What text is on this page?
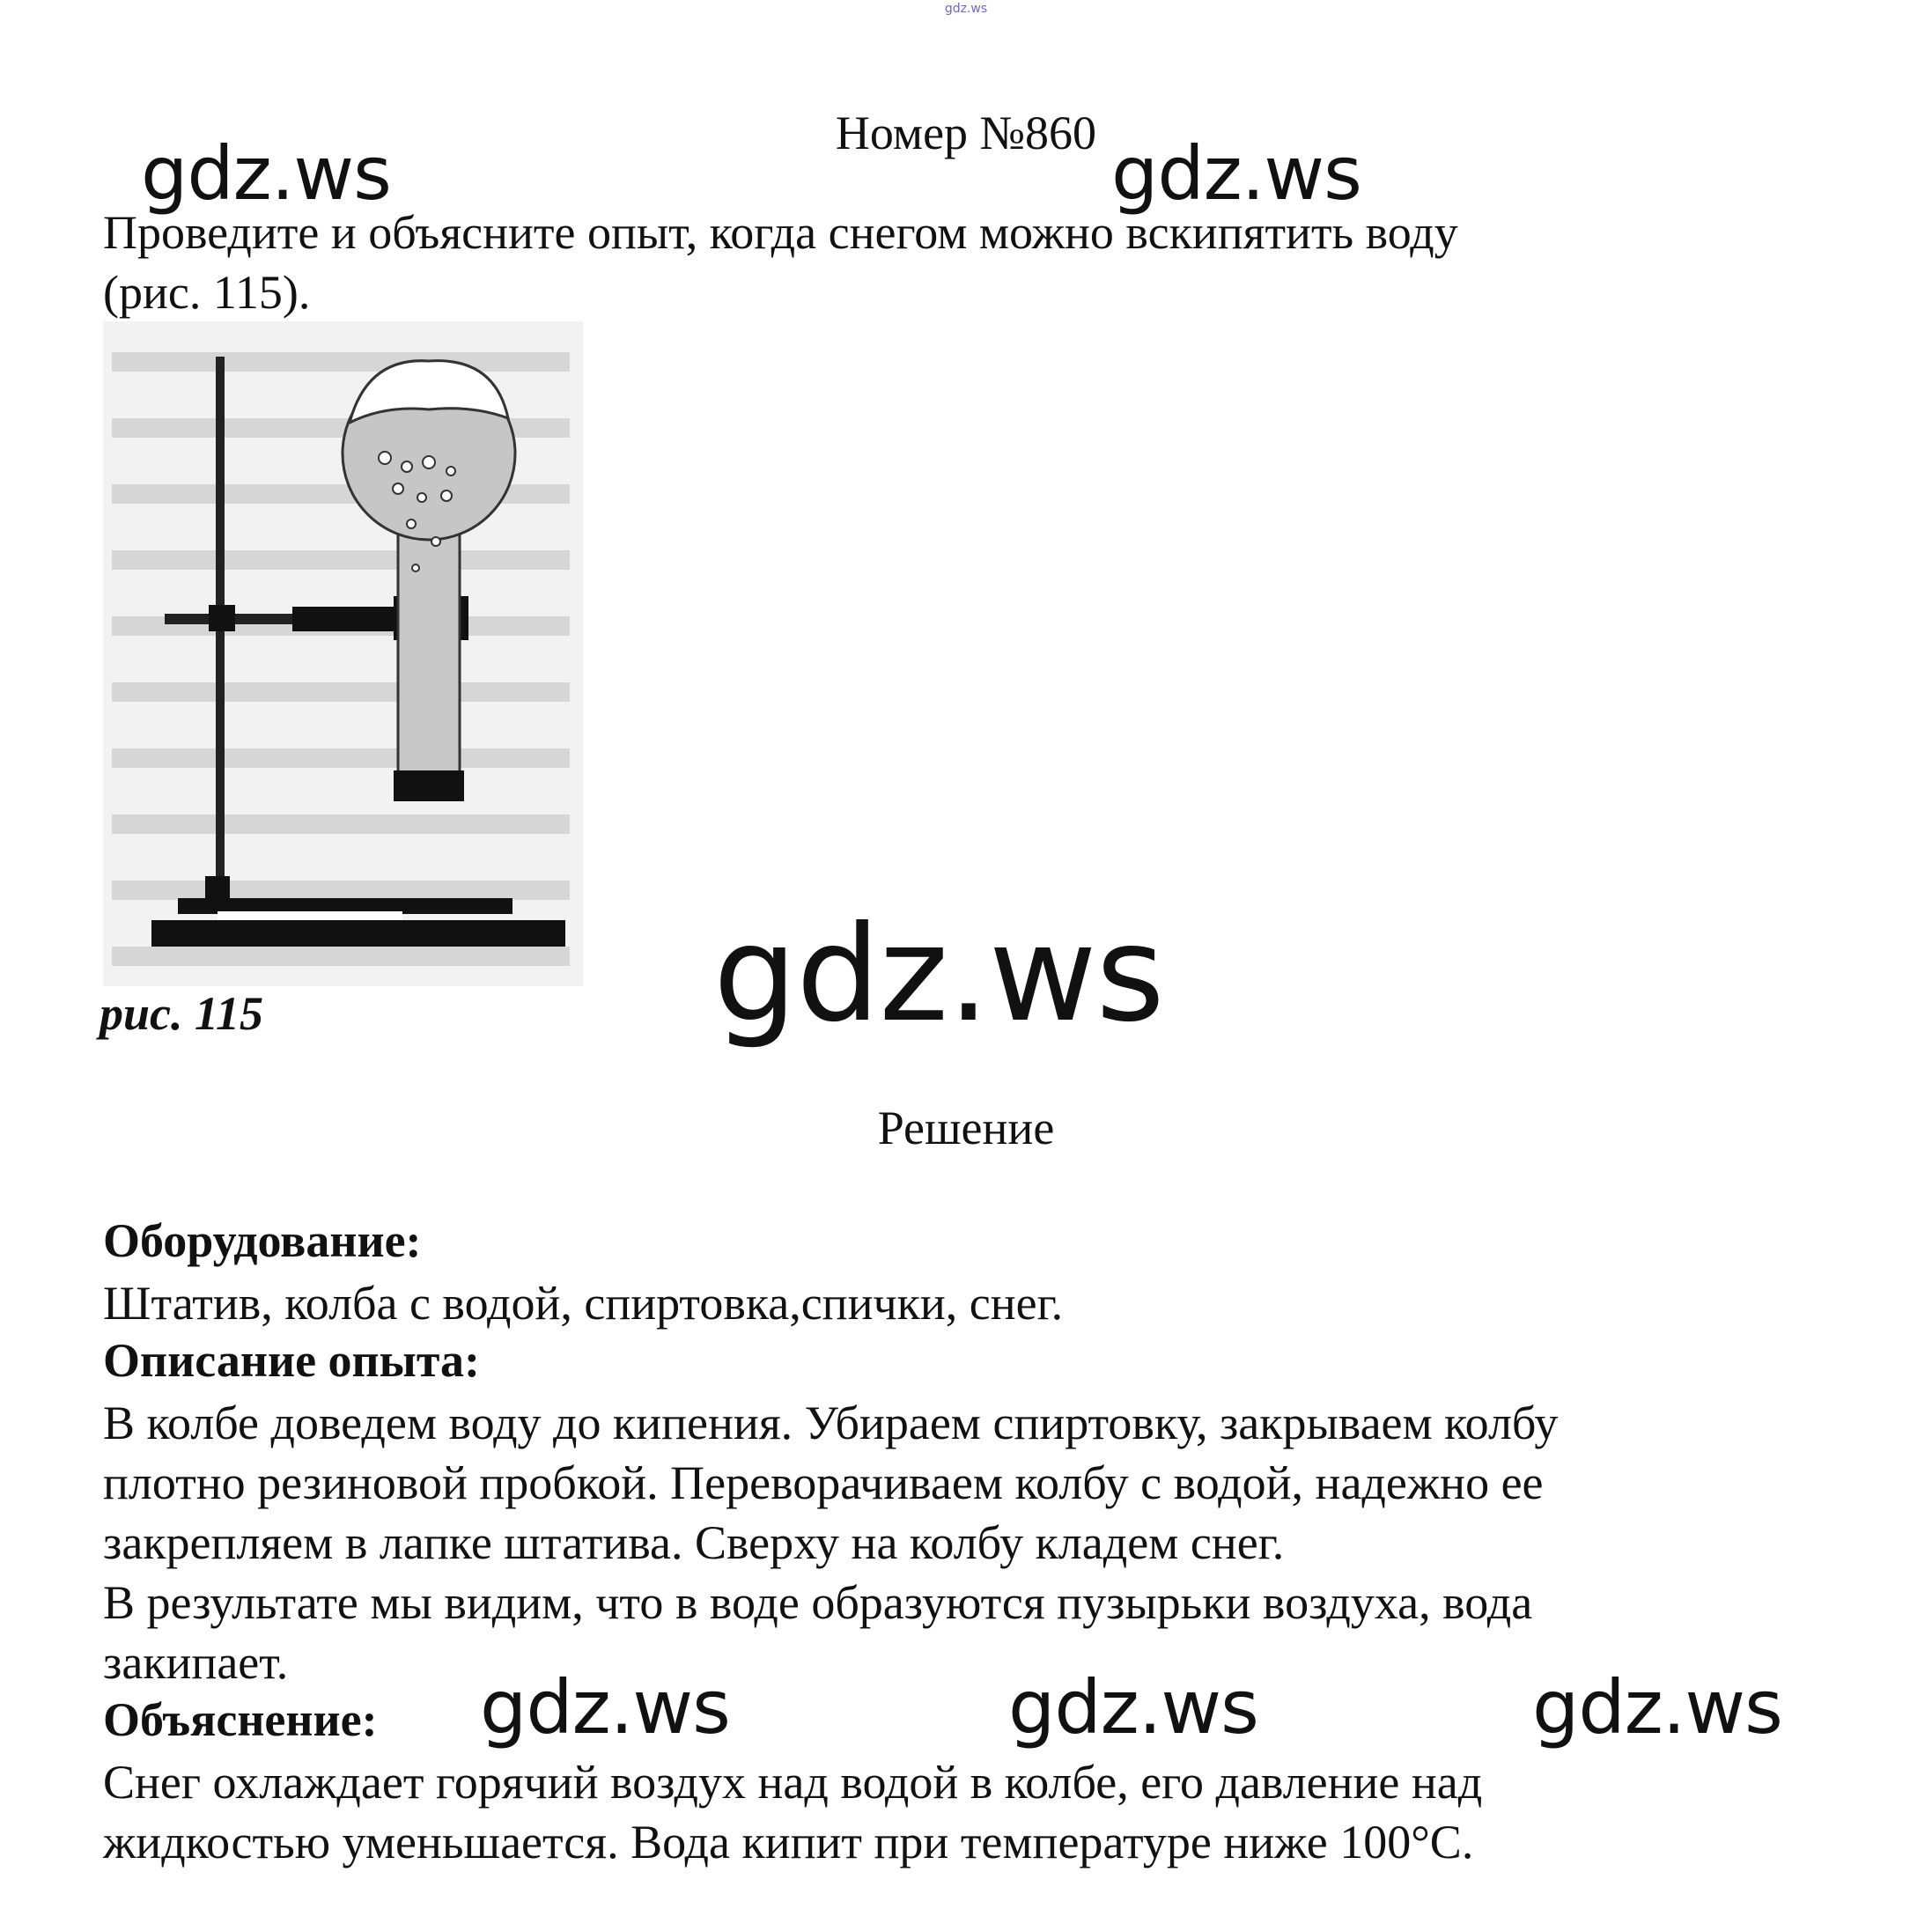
gdz.ws
Номер №860
gdz.ws	gdz.ws
Проведите и объясните опыт, когда снегом можно вскипятить воду
(рис. 115).
рис. 115	gdz.ws
Решение
Оборудование:
Штатив, колба с водой, спиртовка,спички, снег.
Описание опыта:
В колбе доведем воду до кипения. Убираем спиртовку, закрываем колбу
плотно резиновой пробкой. Переворачиваем колбу с водой, надежно ее
закрепляем в лапке штатива. Сверху на колбу кладем снег.
В результате мы видим, что в воде образуются пузырьки воздуха, вода
закипает.
Объяснение: gdz.ws	gdz.ws	gdz.ws
Снег охлаждает горячий воздух над водой в колбе, его давление над
жидкостью уменьшается. Вода кипит при температуре ниже 100°С.
